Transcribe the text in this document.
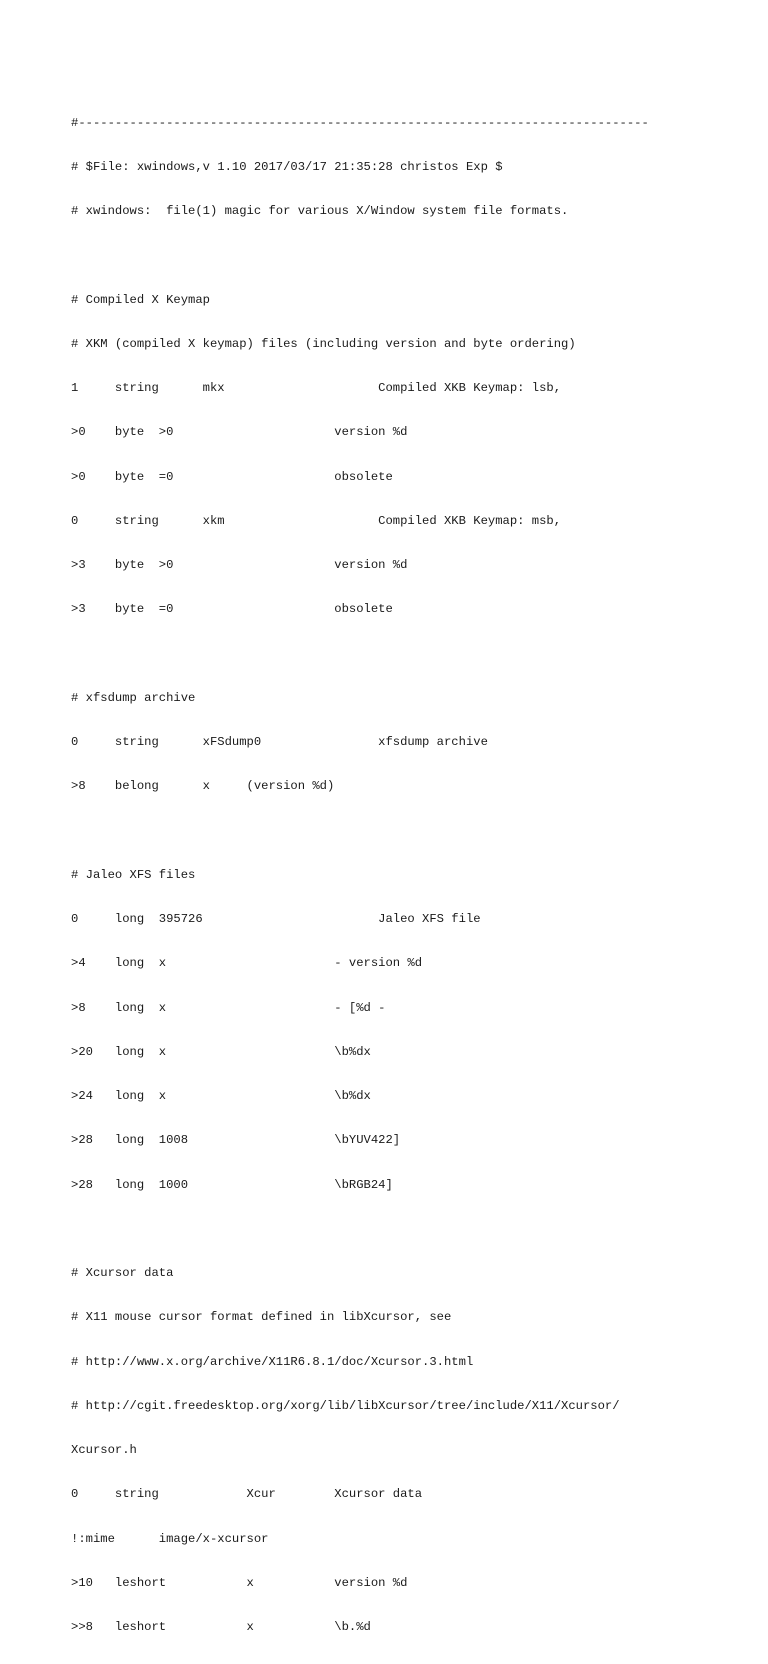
#------------------------------------------------------------------------------

# $File: xwindows,v 1.10 2017/03/17 21:35:28 christos Exp $

# xwindows:  file(1) magic for various X/Window system file formats.

# Compiled X Keymap

# XKM (compiled X keymap) files (including version and byte ordering)

1     string      mkx                     Compiled XKB Keymap: lsb,

>0    byte  >0                      version %d

>0    byte  =0                      obsolete

0     string      xkm                     Compiled XKB Keymap: msb,

>3    byte  >0                      version %d

>3    byte  =0                      obsolete

# xfsdump archive

0     string      xFSdump0                xfsdump archive

>8    belong      x     (version %d)

# Jaleo XFS files

0     long  395726                        Jaleo XFS file

>4    long  x                       - version %d

>8    long  x                       - [%d -

>20   long  x                       \b%dx

>24   long  x                       \b%dx

>28   long  1008                    \bYUV422]

>28   long  1000                    \bRGB24]

# Xcursor data

# X11 mouse cursor format defined in libXcursor, see

# http://www.x.org/archive/X11R6.8.1/doc/Xcursor.3.html

# http://cgit.freedesktop.org/xorg/lib/libXcursor/tree/include/X11/Xcursor/

Xcursor.h

0     string            Xcur        Xcursor data

!:mime      image/x-xcursor

>10   leshort           x           version %d

>>8   leshort           x           \b.%d
